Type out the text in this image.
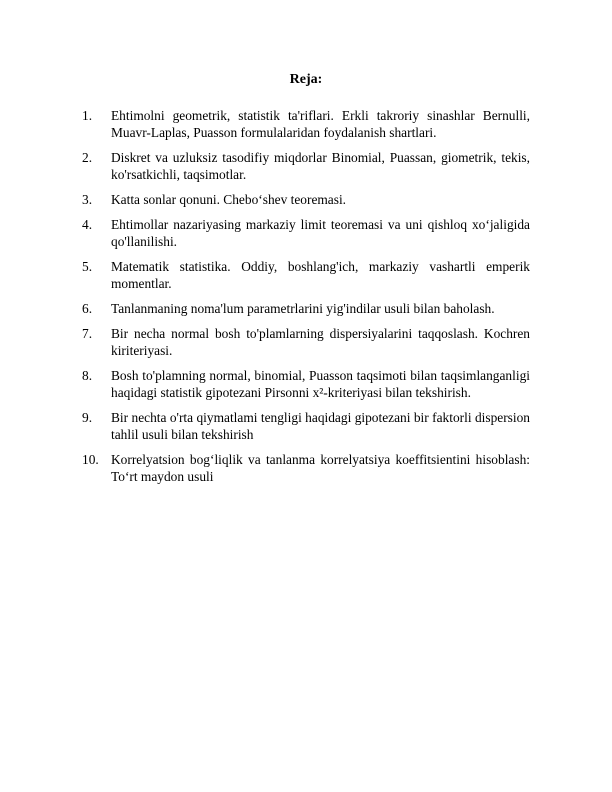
Reja:
1.	Ehtimolni geometrik, statistik ta'riflari. Erkli takroriy sinashlar Bernulli, Muavr-Laplas, Puasson formulalaridan foydalanish shartlari.
2.	Diskret va uzluksiz tasodifiy miqdorlar Binomial, Puassan, giometrik, tekis, ko'rsatkichli, taqsimotlar.
3.	Katta sonlar qonuni. Chebo‘shev teoremasi.
4.	Ehtimollar nazariyasing markaziy limit teoremasi va uni qishloq xo‘jaligida qo'llanilishi.
5.	Matematik statistika. Oddiy, boshlang'ich, markaziy vashartli emperik momentlar.
6.	Tanlanmaning noma'lum parametrlarini yig'indilar usuli bilan baholash.
7.	Bir necha normal bosh to'plamlarning dispersiyalarini taqqoslash. Kochren kiriteriyasi.
8.	Bosh to'plamning normal, binomial, Puasson taqsimoti bilan taqsimlanganligi haqidagi statistik gipotezani Pirsonni x²-kriteriyasi bilan tekshirish.
9.	Bir nechta o'rta qiymatlami tengligi haqidagi gipotezani bir faktorli dispersion tahlil usuli bilan tekshirish
10. Korrelyatsion bog‘liqlik va tanlanma korrelyatsiya koeffitsientini hisoblash: To‘rt maydon usuli
